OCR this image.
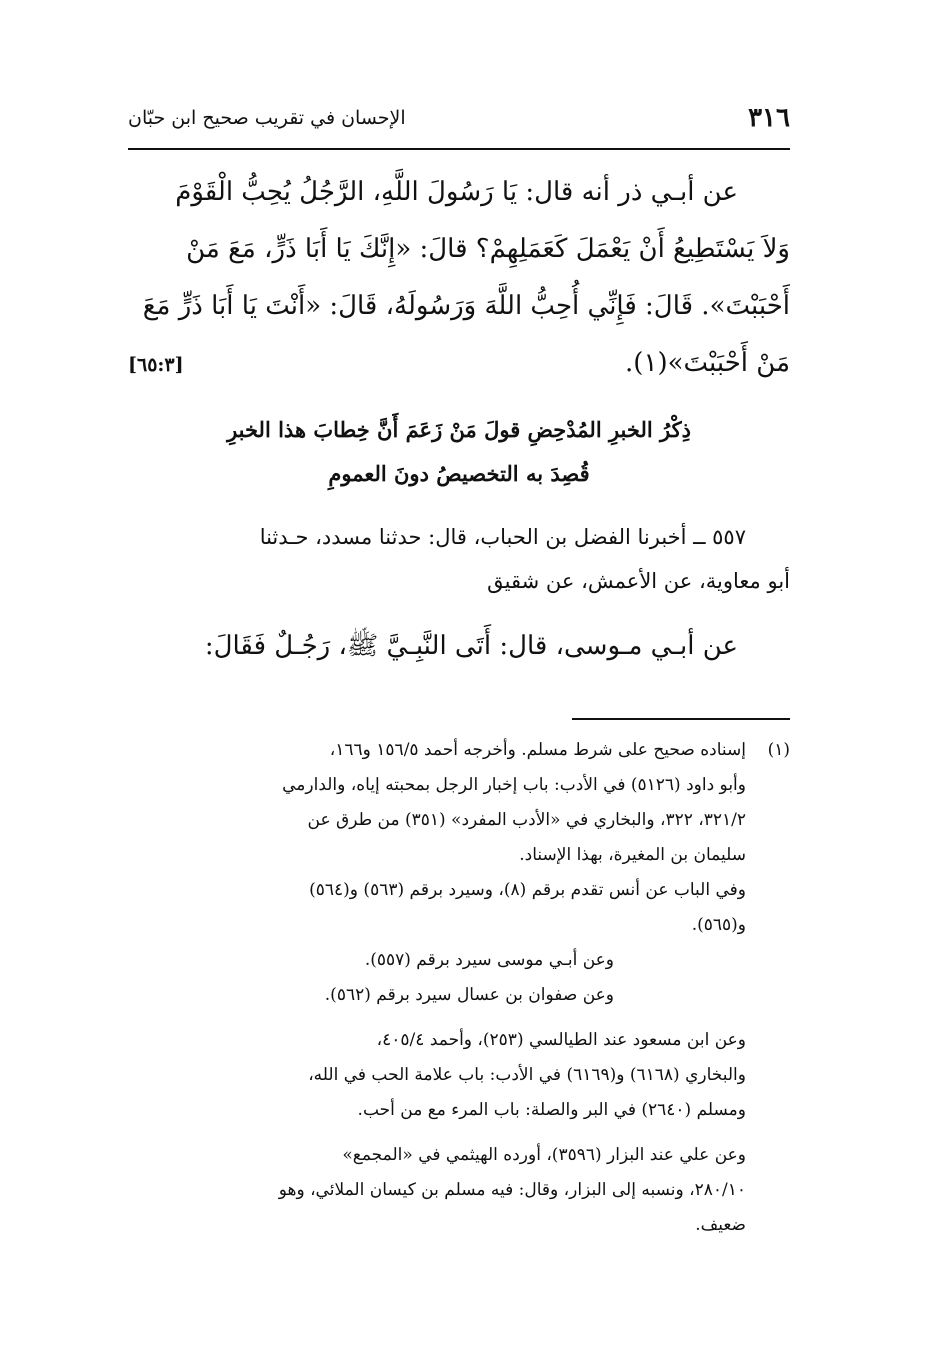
٣١٦
الإحسان في تقريب صحيح ابن حبّان
عن أبـي ذر أنه قال: يَا رَسُولَ اللَّهِ، الرَّجُلُ يُحِبُّ الْقَوْمَ
وَلاَ يَسْتَطِيعُ أَنْ يَعْمَلَ كَعَمَلِهِمْ؟ قالَ: «إِنَّكَ يَا أَبَا ذَرٍّ، مَعَ مَنْ
أَحْبَبْتَ». قَالَ: فَإِنِّي أُحِبُّ اللَّهَ وَرَسُولَهُ، قَالَ: «أَنْتَ يَا أَبَا ذَرٍّ مَعَ
مَنْ أَحْبَبْتَ»(١).
[٦٥:٣]
ذِكْرُ الخبرِ المُدْحِضِ قولَ مَنْ زَعَمَ أَنَّ خِطابَ هذا الخبرِ
قُصِدَ به التخصيصُ دونَ العمومِ
٥٥٧ ــ أخبرنا الفضل بن الحباب، قال: حدثنا مسدد، حـدثنا
أبو معاوية، عن الأعمش، عن شقيق
عن أبـي مـوسى، قال: أَتَى النَّبِـيَّ ﷺ، رَجُـلٌ فَقَالَ:
(١)
إسناده صحيح على شرط مسلم. وأخرجه أحمد ١٥٦/٥ و١٦٦،
وأبو داود (٥١٢٦) في الأدب: باب إخبار الرجل بمحبته إياه، والدارمي
٣٢١/٢، ٣٢٢، والبخاري في «الأدب المفرد» (٣٥١) من طرق عن
سليمان بن المغيرة، بهذا الإسناد.
وفي الباب عن أنس تقدم برقم (٨)، وسيرد برقم (٥٦٣) و(٥٦٤)
و(٥٦٥).
وعن أبـي موسى سيرد برقم (٥٥٧).
وعن صفوان بن عسال سيرد برقم (٥٦٢).
وعن ابن مسعود عند الطيالسي (٢٥٣)، وأحمد ٤٠٥/٤،
والبخاري (٦١٦٨) و(٦١٦٩) في الأدب: باب علامة الحب في الله،
ومسلم (٢٦٤٠) في البر والصلة: باب المرء مع من أحب.
وعن علي عند البزار (٣٥٩٦)، أورده الهيثمي في «المجمع»
٢٨٠/١٠، ونسبه إلى البزار، وقال: فيه مسلم بن كيسان الملائي، وهو
ضعيف.
